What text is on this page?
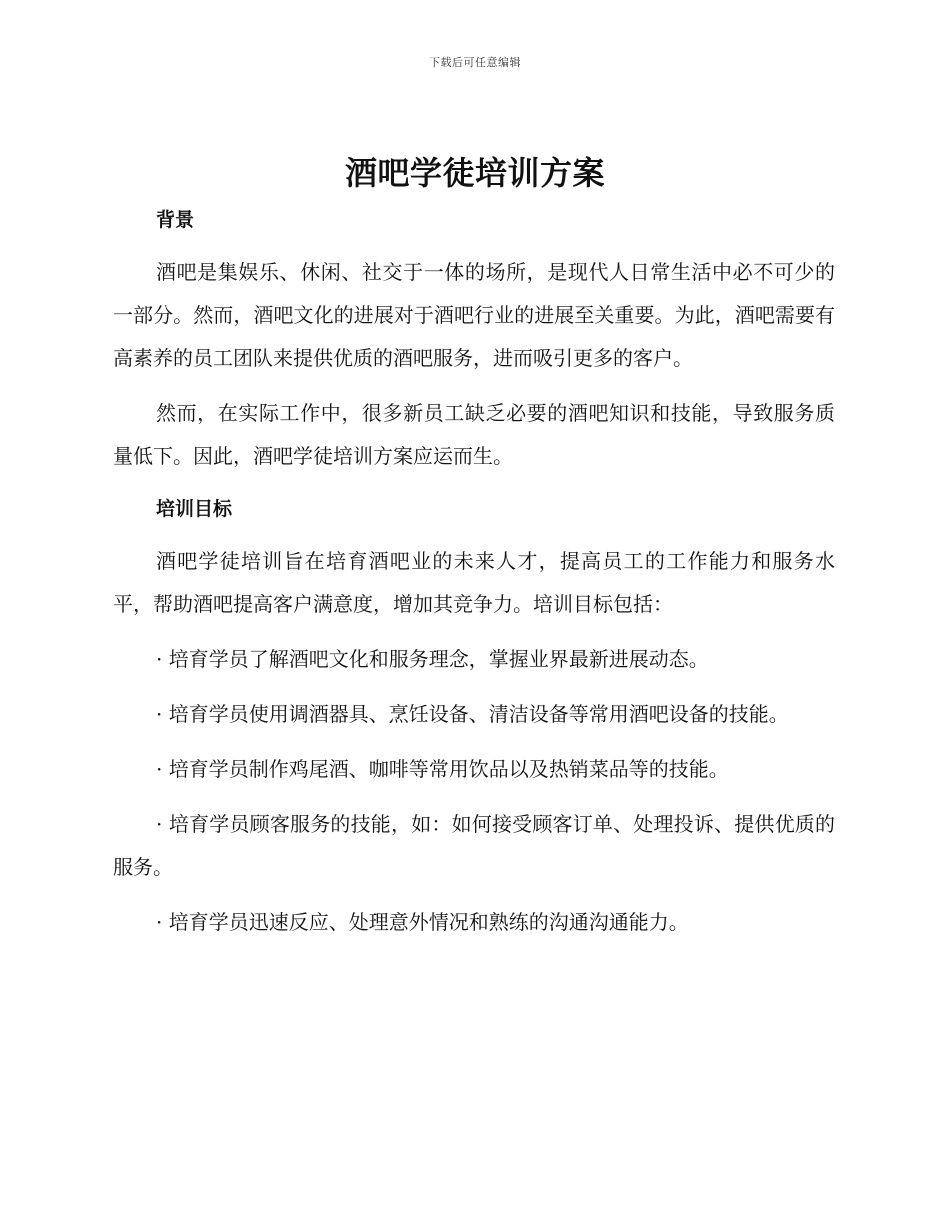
下载后可任意编辑
酒吧学徒培训方案
背景

酒吧是集娱乐、休闲、社交于一体的场所，是现代人日常生活中必不可少的一部分。然而，酒吧文化的进展对于酒吧行业的进展至关重要。为此，酒吧需要有高素养的员工团队来提供优质的酒吧服务，进而吸引更多的客户。

然而，在实际工作中，很多新员工缺乏必要的酒吧知识和技能，导致服务质量低下。因此，酒吧学徒培训方案应运而生。

培训目标

酒吧学徒培训旨在培育酒吧业的未来人才，提高员工的工作能力和服务水平，帮助酒吧提高客户满意度，增加其竞争力。培训目标包括：

· 培育学员了解酒吧文化和服务理念，掌握业界最新进展动态。

· 培育学员使用调酒器具、烹饪设备、清洁设备等常用酒吧设备的技能。

· 培育学员制作鸡尾酒、咖啡等常用饮品以及热销菜品等的技能。

· 培育学员顾客服务的技能，如：如何接受顾客订单、处理投诉、提供优质的服务。

· 培育学员迅速反应、处理意外情况和熟练的沟通沟通能力。
